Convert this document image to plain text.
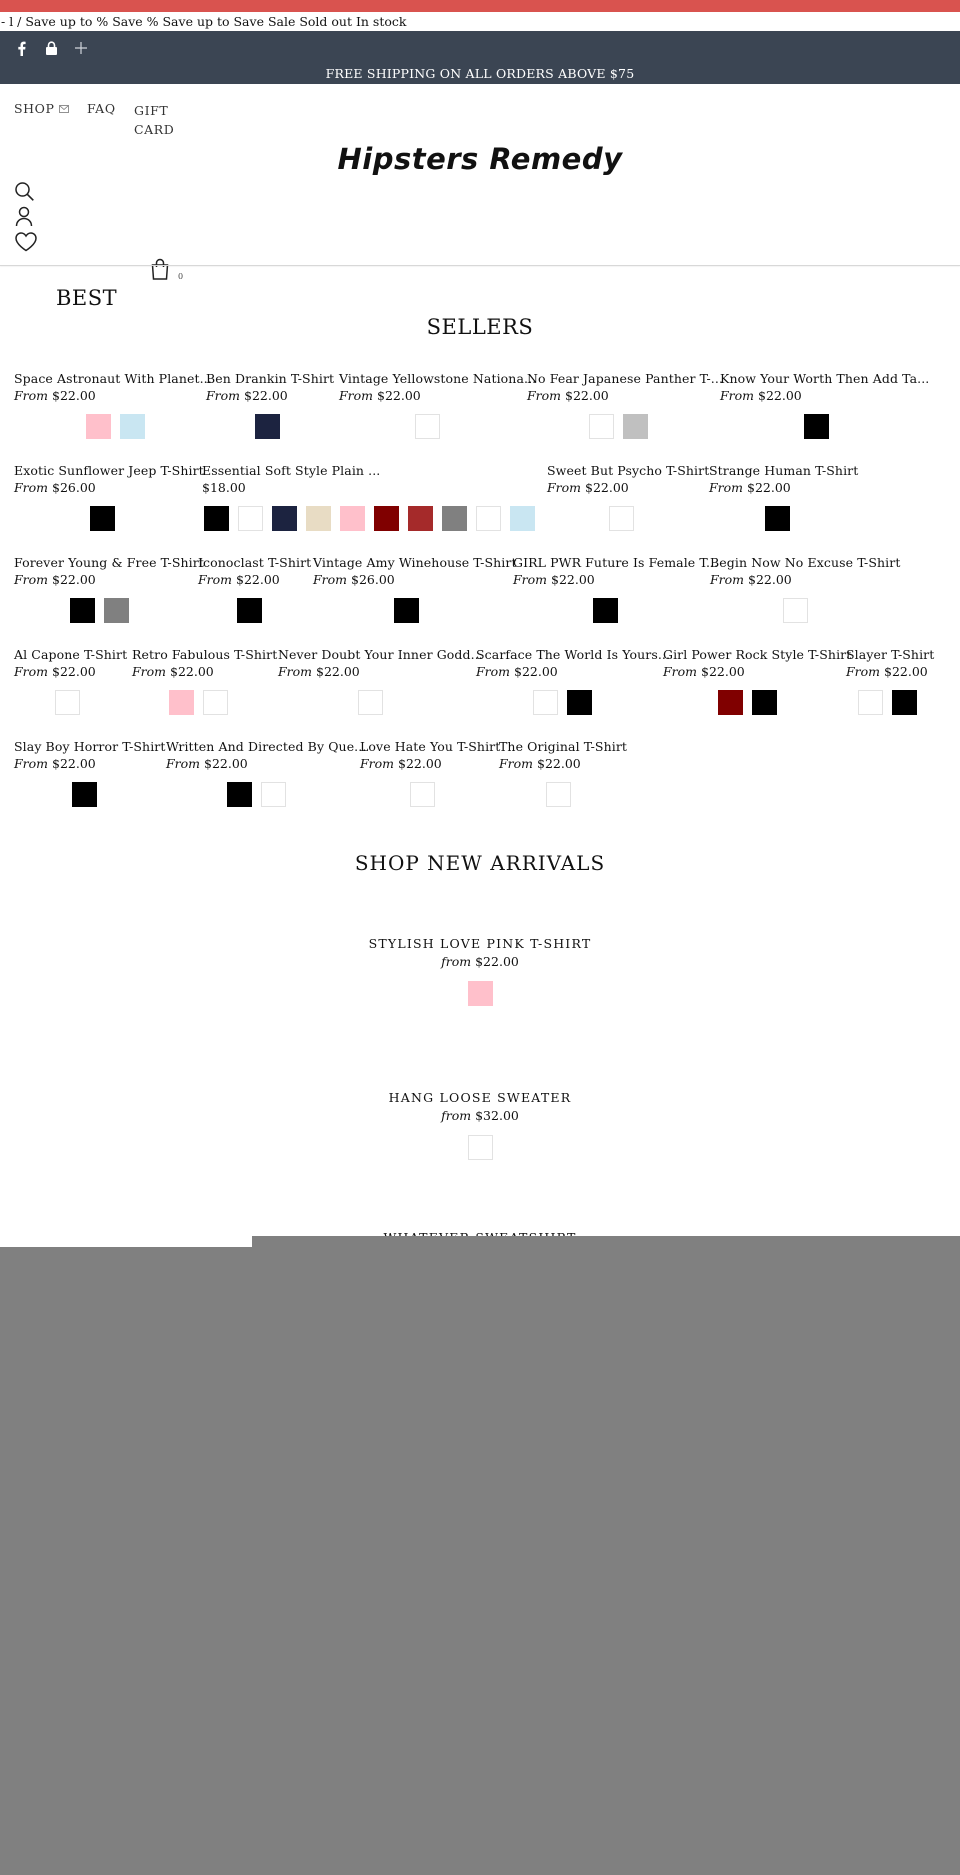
- l / Save up to % Save % Save up to Save Sale Sold out In stock
FREE SHIPPING ON ALL ORDERS ABOVE $75
SHOP	FAQ GIFT CARD
Hipsters Remedy
0
BEST
SELLERS
Space Astronaut With Planet...
From $22.00
Ben Drankin T-Shirt
From $22.00
Vintage Yellowstone Nationa...
From $22.00
No Fear Japanese Panther T-...
From $22.00
Know Your Worth Then Add Ta...
From $22.00
Exotic Sunflower Jeep T-Shirt
From $26.00
Essential Soft Style Plain ...
$18.00
Sweet But Psycho T-Shirt
From $22.00
Strange Human T-Shirt
From $22.00
Forever Young & Free T-Shirt
From $22.00
Iconoclast T-Shirt
From $22.00
Vintage Amy Winehouse T-Shirt
From $26.00
GIRL PWR Future Is Female T...
From $22.00
Begin Now No Excuse T-Shirt
From $22.00
Al Capone T-Shirt
From $22.00
Retro Fabulous T-Shirt
From $22.00
Never Doubt Your Inner Godd...
From $22.00
Scarface The World Is Yours...
From $22.00
Girl Power Rock Style T-Shirt
From $22.00
Slayer T-Shirt
From $22.00
Slay Boy Horror T-Shirt
From $22.00
Written And Directed By Que...
From $22.00
Love Hate You T-Shirt
From $22.00
The Original T-Shirt
From $22.00
SHOP NEW ARRIVALS
STYLISH LOVE PINK T-SHIRT
from $22.00
HANG LOOSE SWEATER
from $32.00
